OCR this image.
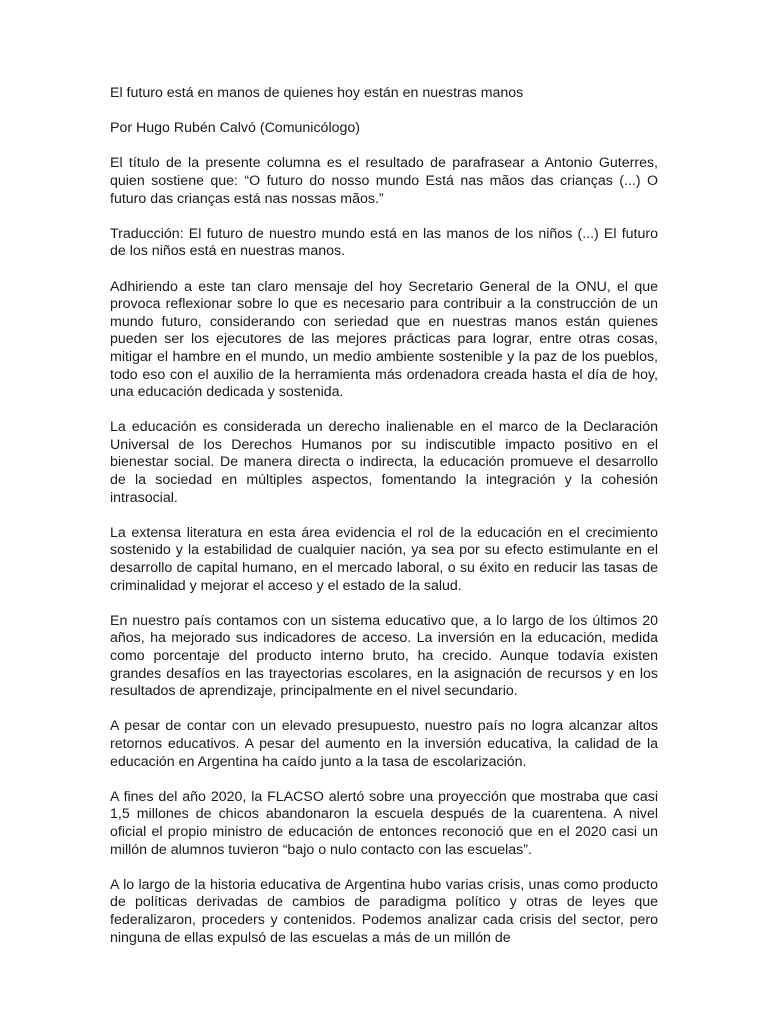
El futuro está en manos de quienes hoy están en nuestras manos

Por Hugo Rubén Calvó (Comunicólogo)

El título de la presente columna es el resultado de parafrasear a Antonio Guterres, quien sostiene que: “O futuro do nosso mundo Está nas mãos das crianças (...) O futuro das crianças está nas nossas mãos.”

Traducción: El futuro de nuestro mundo está en las manos de los niños (...) El futuro de los niños está en nuestras manos.

Adhiriendo a este tan claro mensaje del hoy Secretario General de la ONU, el que provoca reflexionar sobre lo que es necesario para contribuir a la construcción de un mundo futuro, considerando con seriedad que en nuestras manos están quienes pueden ser los ejecutores de las mejores prácticas para lograr, entre otras cosas, mitigar el hambre en el mundo, un medio ambiente sostenible y la paz de los pueblos, todo eso con el auxilio de la herramienta más ordenadora creada hasta el día de hoy, una educación dedicada y sostenida.

La educación es considerada un derecho inalienable en el marco de la Declaración Universal de los Derechos Humanos por su indiscutible impacto positivo en el bienestar social. De manera directa o indirecta, la educación promueve el desarrollo de la sociedad en múltiples aspectos, fomentando la integración y la cohesión intrasocial.

La extensa literatura en esta área evidencia el rol de la educación en el crecimiento sostenido y la estabilidad de cualquier nación, ya sea por su efecto estimulante en el desarrollo de capital humano, en el mercado laboral, o su éxito en reducir las tasas de criminalidad y mejorar el acceso y el estado de la salud.

En nuestro país contamos con un sistema educativo que, a lo largo de los últimos 20 años, ha mejorado sus indicadores de acceso. La inversión en la educación, medida como porcentaje del producto interno bruto, ha crecido. Aunque todavía existen grandes desafíos en las trayectorias escolares, en la asignación de recursos y en los resultados de aprendizaje, principalmente en el nivel secundario.

A pesar de contar con un elevado presupuesto, nuestro país no logra alcanzar altos retornos educativos. A pesar del aumento en la inversión educativa, la calidad de la educación en Argentina ha caído junto a la tasa de escolarización.

A fines del año 2020, la FLACSO alertó sobre una proyección que mostraba que casi 1,5 millones de chicos abandonaron la escuela después de la cuarentena. A nivel oficial el propio ministro de educación de entonces reconoció que en el 2020 casi un millón de alumnos tuvieron “bajo o nulo contacto con las escuelas”.

A lo largo de la historia educativa de Argentina hubo varias crisis, unas como producto de políticas derivadas de cambios de paradigma político y otras de leyes que federalizaron, proceders y contenidos. Podemos analizar cada crisis del sector, pero ninguna de ellas expulsó de las escuelas a más de un millón de
